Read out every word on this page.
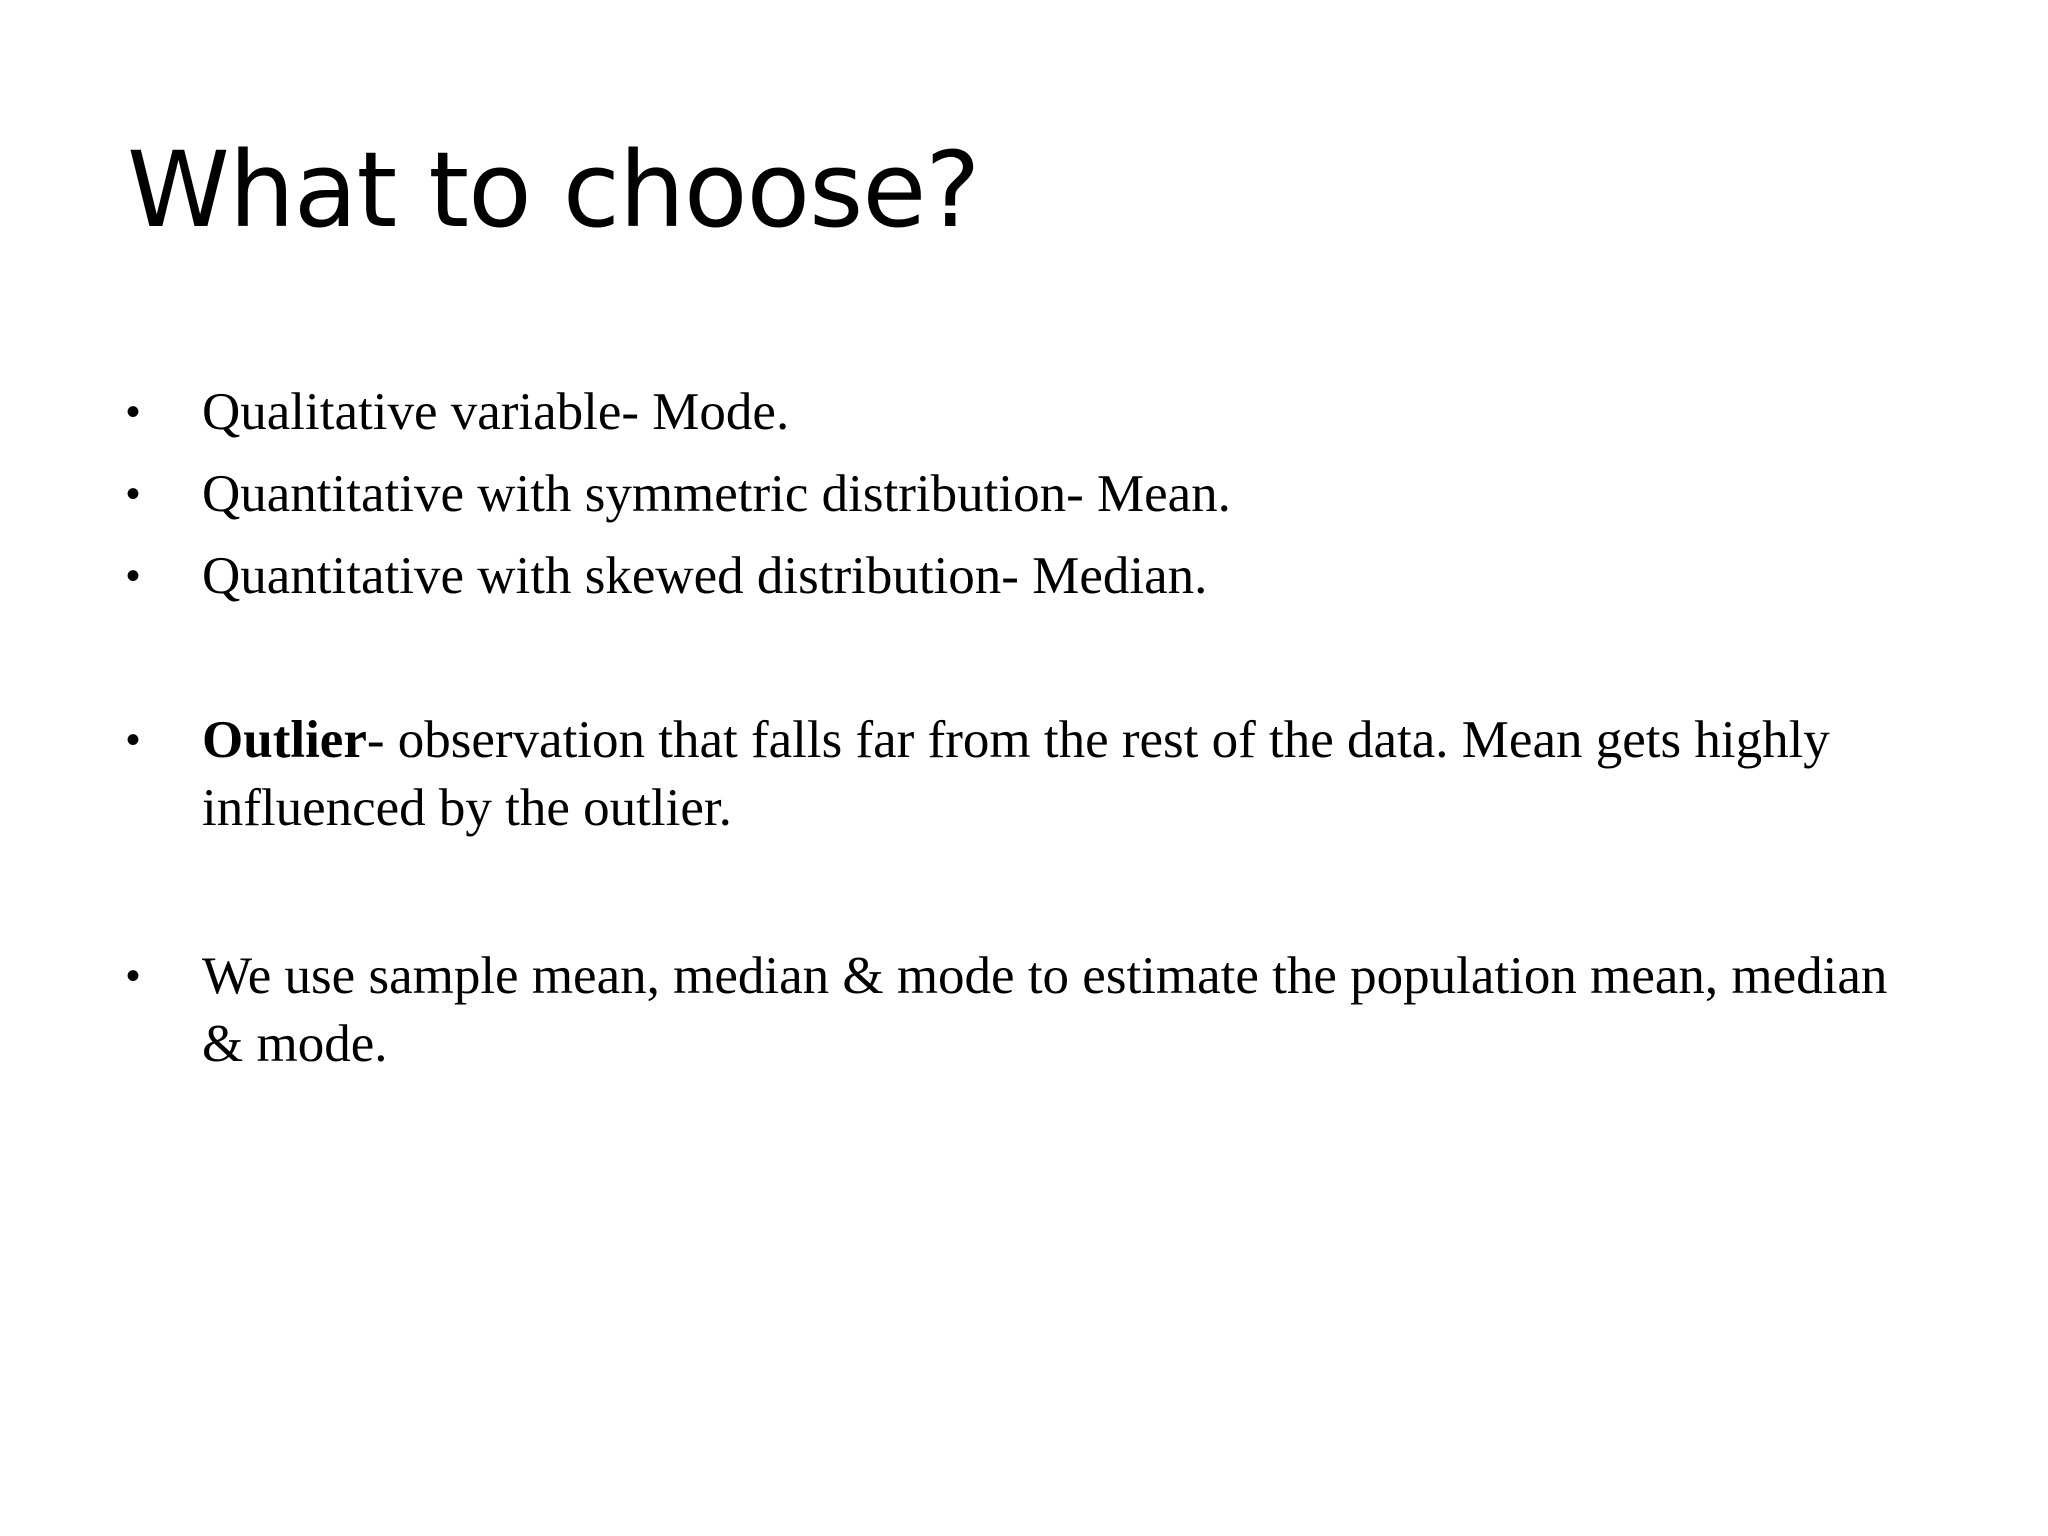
What to choose?
•	Qualitative variable- Mode.
•	Quantitative with symmetric distribution- Mean.
•	Quantitative with skewed distribution- Median.
•	Outlier- observation that falls far from the rest of the data. Mean gets highly influenced by the outlier.
•	We use sample mean, median & mode to estimate the population mean, median & mode.
